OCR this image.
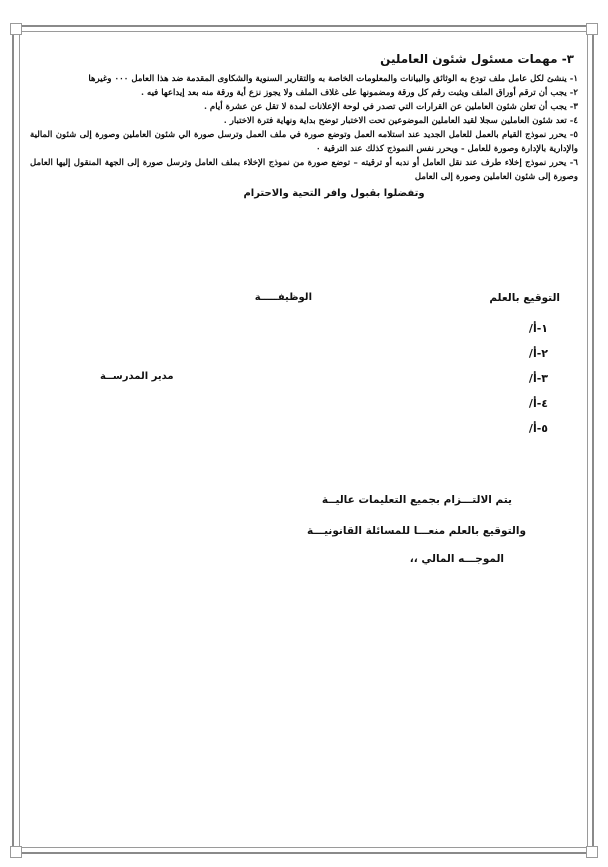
٣- مهمات مسئول شئون العاملين

١- ينشئ لكل عامل ملف تودع به الوثائق والبيانات والمعلومات الخاصة به والتقارير السنوية والشكاوى المقدمة ضد هذا العامل ٠٠٠ وغيرها

٢- يجب أن ترقم أوراق الملف ويثبت رقم كل ورقة ومضمونها على غلاف الملف ولا يجوز نزع أية ورقة منه بعد إيداعها فيه .

٣- يجب أن تعلن شئون العاملين عن القرارات التي تصدر في لوحة الإعلانات لمدة لا تقل عن عشرة أيام .

٤- تعد شئون العاملين سجلا لقيد العاملين الموضوعين تحت الاختبار توضح بداية ونهاية فترة الاختبار .

٥- يحرر نموذج القيام بالعمل للعامل الجديد عند استلامه العمل وتوضع صورة في ملف العمل وترسل صورة الي شئون العاملين وصورة إلى شئون المالية والإدارية بالإدارة وصورة للعامل - ويحرر نفس النموذج كذلك عند الترقية ٠

٦- يحرر نموذج إخلاء طرف عند نقل العامل أو ندبه أو ترقيته – توضع صورة من نموذج الإخلاء بملف العامل وترسل صورة إلى الجهة المنقول إليها العامل وصورة إلى شئون العاملين وصورة إلى العامل

وتفضلوا بقبول وافر التحية والاحترام

التوقيع بالعلم
الوظيفـــــة
١-أ/
٢-أ/
٣-أ/
٤-أ/
٥-أ/
مدير المدرســة
يتم الالتـــزام بجميع التعليمات عاليــة
والتوقيع بالعلم منعـــا للمسائلة القانونيـــة
الموجـــه المالي ،،
